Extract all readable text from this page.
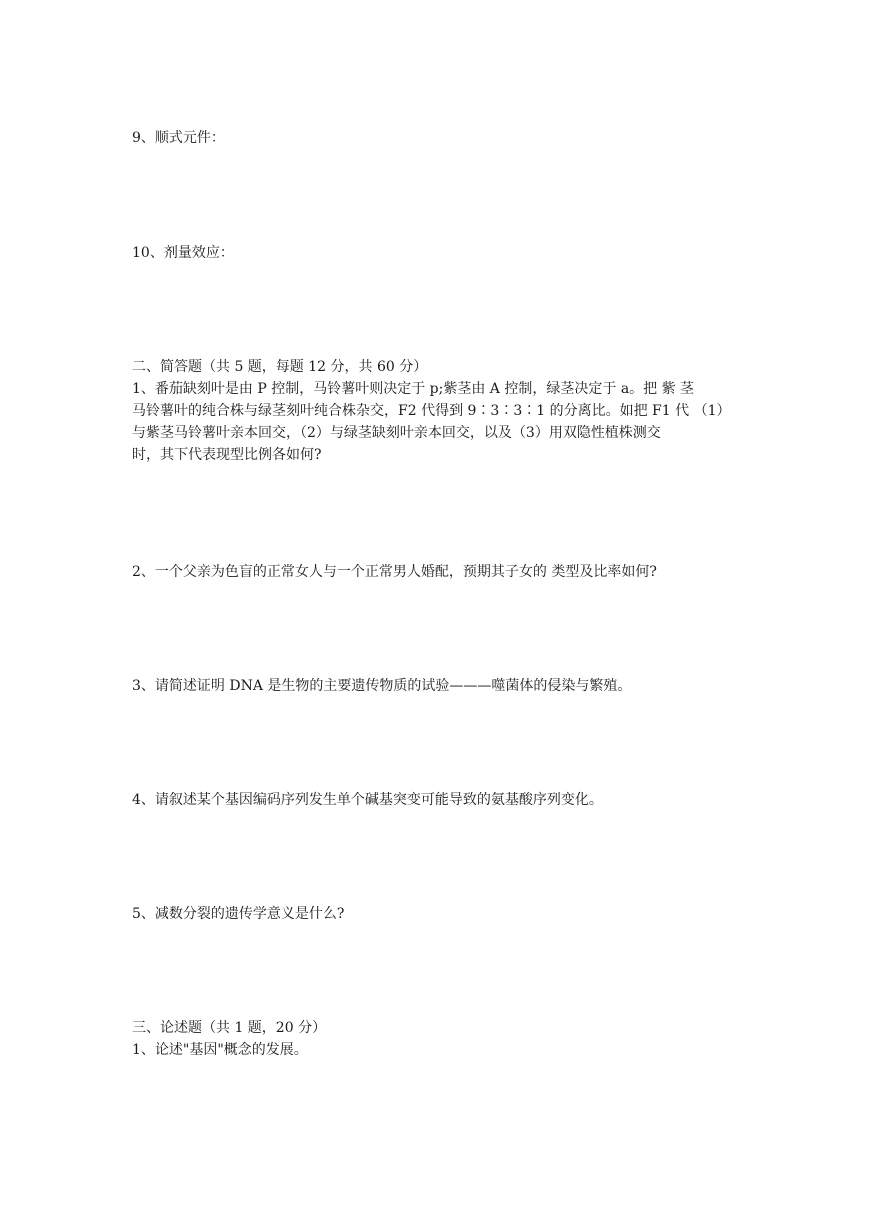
9、顺式元件：

10、剂量效应：

二、简答题（共 5 题，每题 12 分，共 60 分）

1、番茄缺刻叶是由 P 控制，马铃薯叶则决定于 p;紫茎由 A 控制，绿茎决定于 a。把 紫 茎
马铃薯叶的纯合株与绿茎刻叶纯合株杂交，F2 代得到 9∶3∶3∶1 的分离比。如把 F1 代 （1）
与紫茎马铃薯叶亲本回交，（2）与绿茎缺刻叶亲本回交，以及（3）用双隐性植株测交
时，其下代表现型比例各如何?

2、一个父亲为色盲的正常女人与一个正常男人婚配，预期其子女的 类型及比率如何?

3、请简述证明 DNA 是生物的主要遗传物质的试验———噬菌体的侵染与繁殖。

4、请叙述某个基因编码序列发生单个碱基突变可能导致的氨基酸序列变化。

5、减数分裂的遗传学意义是什么?

三、论述题（共 1 题，20 分）

1、论述"基因"概念的发展。
